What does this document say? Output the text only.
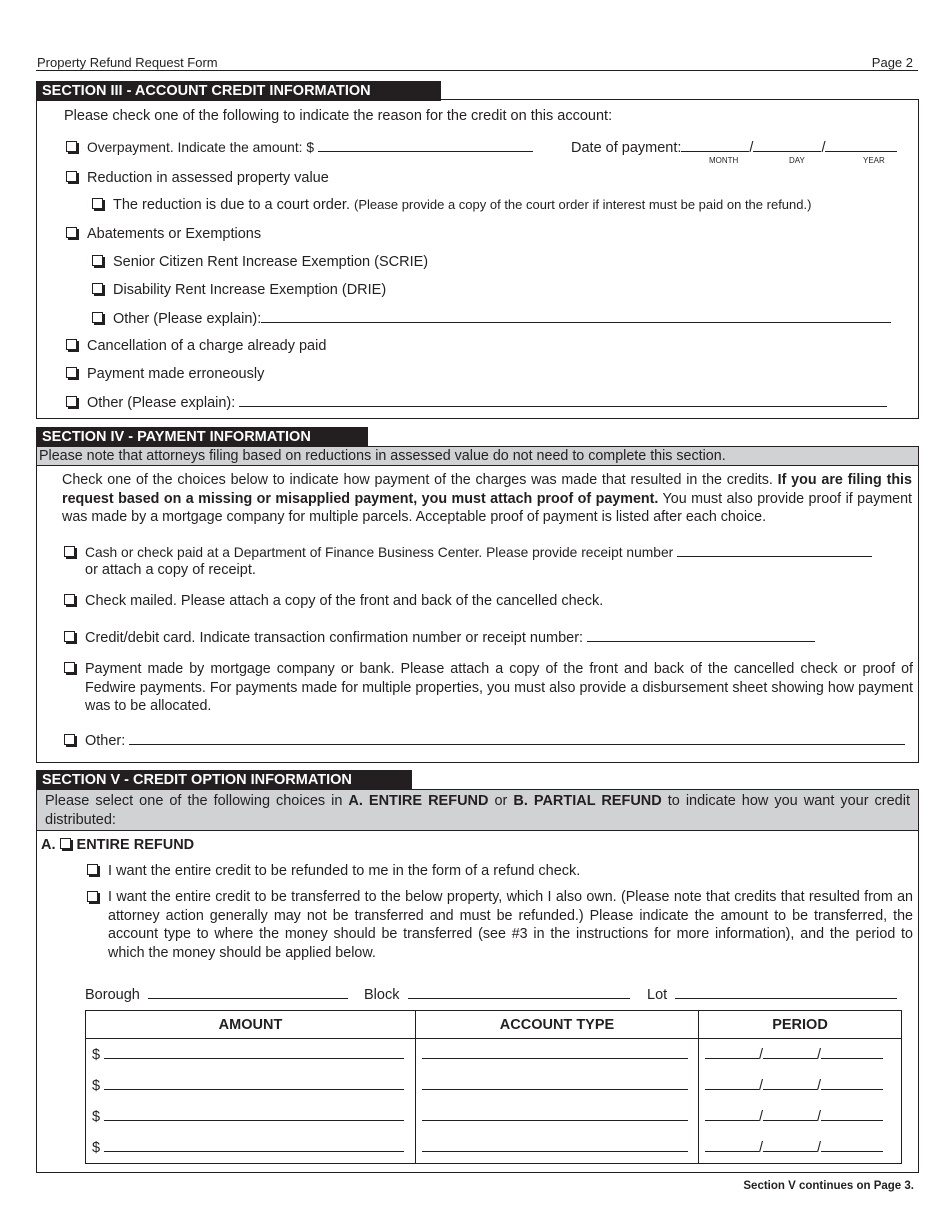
Property Refund Request Form	Page 2
SECTION III - ACCOUNT CREDIT INFORMATION
Please check one of the following to indicate the reason for the credit on this account:
Overpayment. Indicate the amount: $	Date of payment:	/	/
MONTH	DAY	YEAR
Reduction in assessed property value
The reduction is due to a court order. (Please provide a copy of the court order if interest must be paid on the refund.)
Abatements or Exemptions
Senior Citizen Rent Increase Exemption (SCRIE)
Disability Rent Increase Exemption (DRIE)
Other (Please explain):
Cancellation of a charge already paid
Payment made erroneously
Other (Please explain):
SECTION IV - PAYMENT INFORMATION
Please note that attorneys filing based on reductions in assessed value do not need to complete this section.
Check one of the choices below to indicate how payment of the charges was made that resulted in the credits. If you are filing this request based on a missing or misapplied payment, you must attach proof of payment. You must also provide proof if payment was made by a mortgage company for multiple parcels. Acceptable proof of payment is listed after each choice.
Cash or check paid at a Department of Finance Business Center. Please provide receipt number
or attach a copy of receipt.
Check mailed. Please attach a copy of the front and back of the cancelled check.
Credit/debit card. Indicate transaction confirmation number or receipt number:
Payment made by mortgage company or bank. Please attach a copy of the front and back of the cancelled check or proof of Fedwire payments. For payments made for multiple properties, you must also provide a disbursement sheet showing how payment was to be allocated.
Other:
SECTION V - CREDIT OPTION INFORMATION
Please select one of the following choices in A. ENTIRE REFUND or B. PARTIAL REFUND to indicate how you want your credit distributed:
A. ENTIRE REFUND
I want the entire credit to be refunded to me in the form of a refund check.
I want the entire credit to be transferred to the below property, which I also own. (Please note that credits that resulted from an attorney action generally may not be transferred and must be refunded.) Please indicate the amount to be transferred, the account type to where the money should be transferred (see #3 in the instructions for more information), and the period to which the money should be applied below.
Borough	Block	Lot
AMOUNT	ACCOUNT TYPE	PERIOD
$		/ /
$		/ /
$		/ /
$		/ /
Section V continues on Page 3.
